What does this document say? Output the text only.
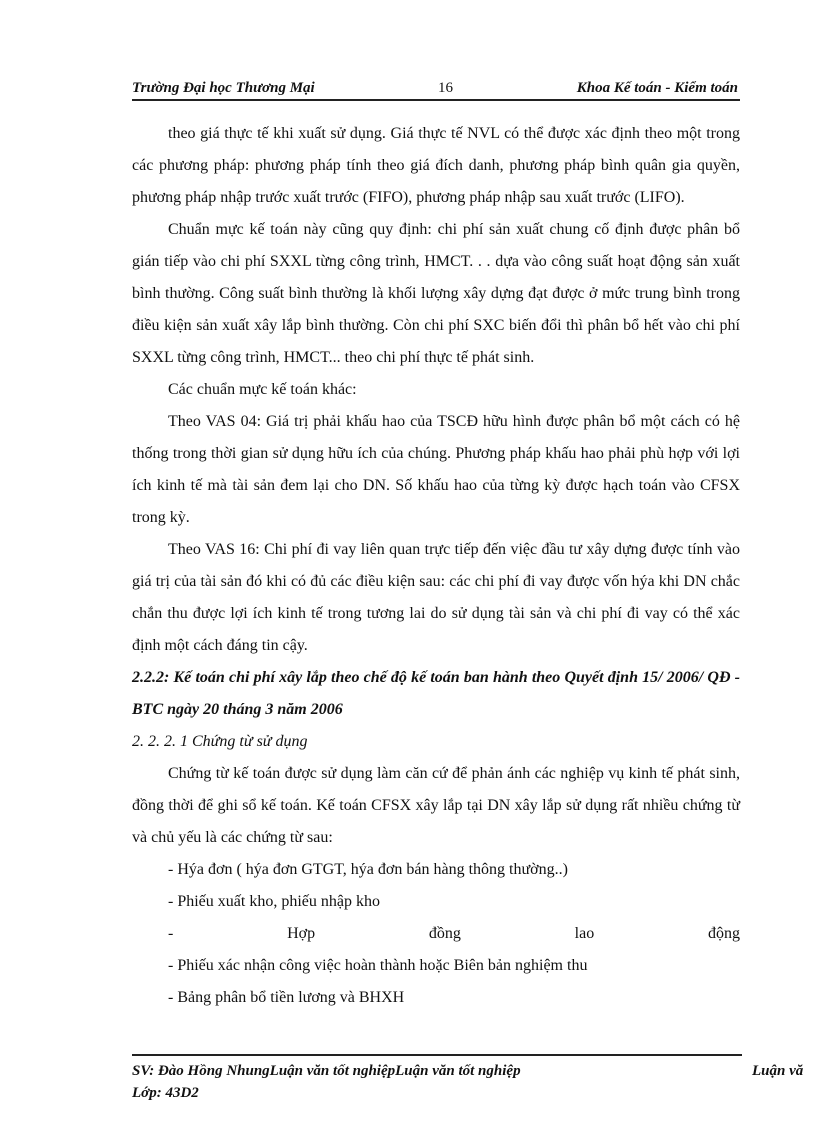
Trường Đại học Thương Mại	16	Khoa Kế toán - Kiểm toán

theo giá thực tế khi xuất sử dụng. Giá thực tế NVL có thể được xác định theo một trong các phương pháp: phương pháp tính theo giá đích danh, phương pháp bình quân gia quyền, phương pháp nhập trước xuất trước (FIFO), phương pháp nhập sau xuất trước (LIFO).

Chuẩn mực kế toán này cũng quy định: chi phí sản xuất chung cố định được phân bổ gián tiếp vào chi phí SXXL từng công trình, HMCT. . . dựa vào công suất hoạt động sản xuất bình thường. Công suất bình thường là khối lượng xây dựng đạt được ở mức trung bình trong điều kiện sản xuất xây lắp bình thường. Còn chi phí SXC biến đổi thì phân bổ hết vào chi phí SXXL từng công trình, HMCT... theo chi phí thực tế phát sinh.

Các chuẩn mực kế toán khác:

Theo VAS 04: Giá trị phải khấu hao của TSCĐ hữu hình được phân bổ một cách có hệ thống trong thời gian sử dụng hữu ích của chúng. Phương pháp khấu hao phải phù hợp với lợi ích kinh tế mà tài sản đem lại cho DN. Số khấu hao của từng kỳ được hạch toán vào CFSX trong kỳ.

Theo VAS 16: Chi phí đi vay liên quan trực tiếp đến việc đầu tư xây dựng được tính vào giá trị của tài sản đó khi có đủ các điều kiện sau: các chi phí đi vay được vốn hýa khi DN chắc chắn thu được lợi ích kinh tế trong tương lai do sử dụng tài sản và chi phí đi vay có thể xác định một cách đáng tin cậy.

2.2.2: Kế toán chi phí xây lắp theo chế độ kế toán ban hành theo Quyết định 15/ 2006/ QĐ - BTC ngày 20 tháng 3 năm 2006

2. 2. 2. 1 Chứng từ sử dụng

Chứng từ kế toán được sử dụng làm căn cứ để phản ánh các nghiệp vụ kinh tế phát sinh, đồng thời để ghi sổ kế toán. Kế toán CFSX xây lắp tại DN xây lắp sử dụng rất nhiều chứng từ và chủ yếu là các chứng từ sau:

- Hýa đơn ( hýa đơn GTGT, hýa đơn bán hàng thông thường..)

- Phiếu xuất kho, phiếu nhập kho

-	Hợp	đồng	lao	động

- Phiếu xác nhận công việc hoàn thành hoặc Biên bản nghiệm thu

- Bảng phân bổ tiền lương và BHXH

SV: Đào Hồng NhungLuận văn tốt nghiệpLuận văn tốt nghiệp	Luận vă
Lớp: 43D2
